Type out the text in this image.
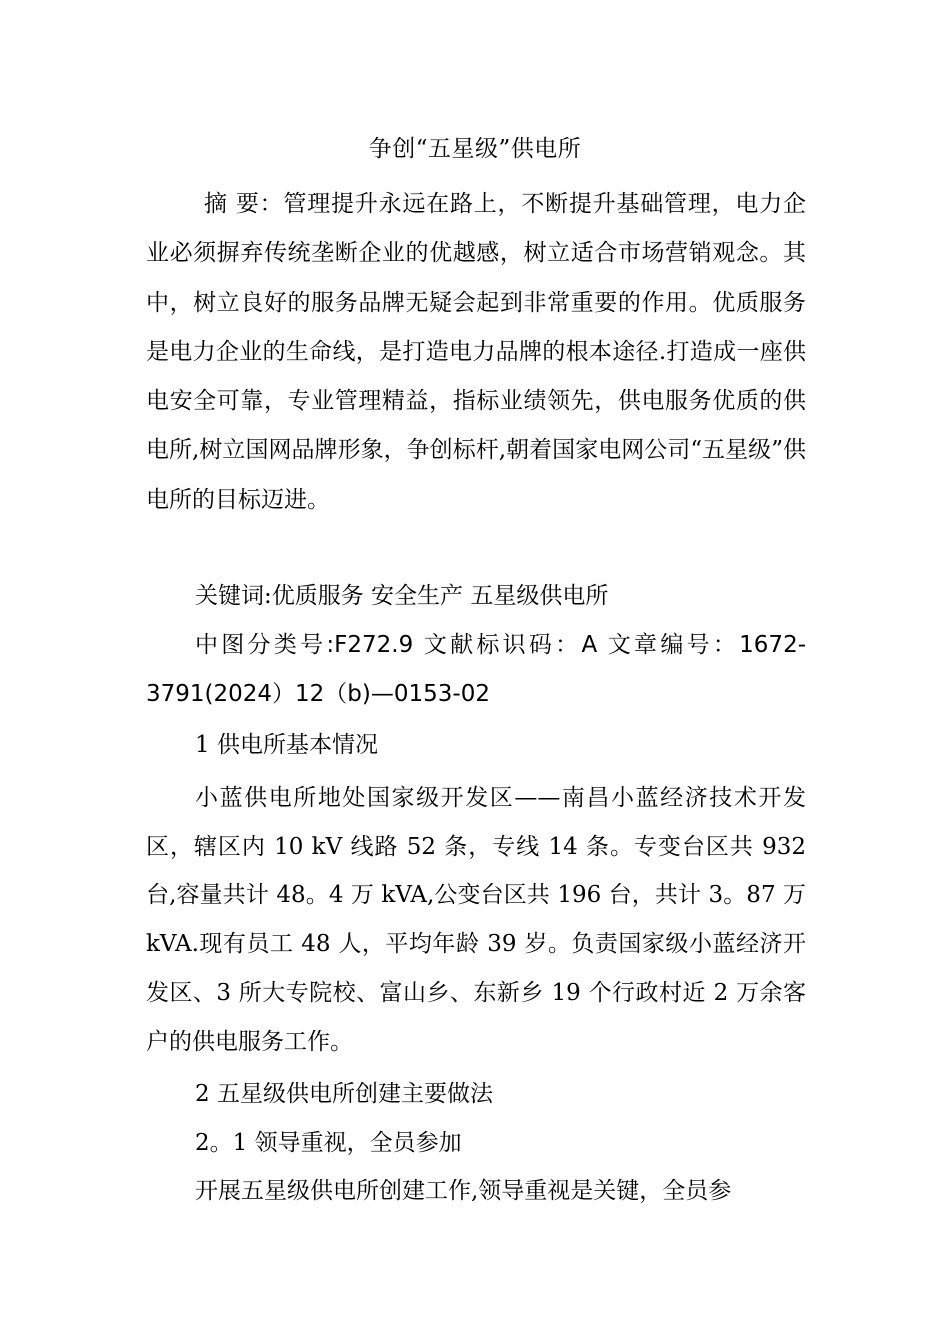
争创“五星级”供电所

摘 要：管理提升永远在路上，不断提升基础管理，电力企业必须摒弃传统垄断企业的优越感，树立适合市场营销观念。其中，树立良好的服务品牌无疑会起到非常重要的作用。优质服务是电力企业的生命线，是打造电力品牌的根本途径.打造成一座供电安全可靠，专业管理精益，指标业绩领先，供电服务优质的供电所,树立国网品牌形象，争创标杆,朝着国家电网公司“五星级”供电所的目标迈进。

关键词:优质服务 安全生产 五星级供电所

中图分类号:F272.9 文献标识码：A 文章编号：1672-3791(2024）12（b)—0153-02

1 供电所基本情况

小蓝供电所地处国家级开发区——南昌小蓝经济技术开发区，辖区内 10 kV 线路 52 条，专线 14 条。专变台区共 932 台,容量共计 48。4 万 kVA,公变台区共 196 台，共计 3。87 万 kVA.现有员工 48 人，平均年龄 39 岁。负责国家级小蓝经济开发区、3 所大专院校、富山乡、东新乡 19 个行政村近 2 万余客户的供电服务工作。

2 五星级供电所创建主要做法

2。1 领导重视，全员参加

开展五星级供电所创建工作,领导重视是关键，全员参
